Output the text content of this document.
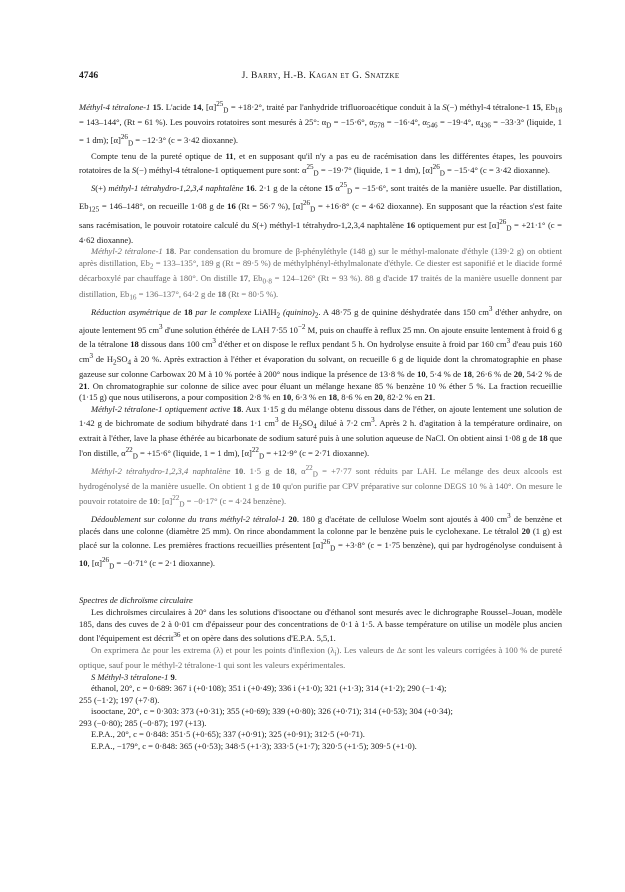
4746	J. Barry, H.-B. Kagan et G. Snatzke

Méthyl-4 tétralone-1 15. L'acide 14, $[\alpha]^{25}_D = +18\cdot 2^\circ$, traité par l'anhydride trifluoroacétique conduit à la S(−) méthyl-4 tétralone-1 15, $Eb_{18} = 143-144^\circ$, (Rt = 61 %). Les pouvoirs rotatoires sont mesurés à 25°: $\alpha_D = -15\cdot 6^\circ$, $\alpha_{578} = -16\cdot 4^\circ$, $\alpha_{546} = -19\cdot 4^\circ$, $\alpha_{436} = -33\cdot 3^\circ$ (liquide, 1 = 1 dm); $[\alpha]^{26}_D = -12\cdot 3^\circ$ (c = 3·42 dioxanne).

Compte tenu de la pureté optique de 11, et en supposant qu'il n'y a pas eu de racémisation dans les différentes étapes, les pouvoirs rotatoires de la S(−) méthyl-4 tétralone-1 optiquement pure sont: $\alpha^{25}_D = -19\cdot 7^\circ$ (liquide, 1 = 1 dm), $[\alpha]^{26}_D = -15\cdot 4^\circ$ (c = 3·42 dioxanne).

S(+) méthyl-1 tétrahydro-1,2,3,4 naphtalène 16. 2·1 g de la cétone 15 $\alpha^{25}_D = -15\cdot 6^\circ$, sont traités de la manière usuelle. Par distillation, $Eb_{125} = 146-148^\circ$, on recueille 1·08 g de 16 (Rt = 56·7 %), $[\alpha]^{26}_D = +16\cdot 8^\circ$ (c = 4·62 dioxanne). En supposant que la réaction s'est faite sans racémisation, le pouvoir rotatoire calculé du S(+) méthyl-1 tétrahydro-1,2,3,4 naphtalène 16 optiquement pur est $[\alpha]^{26}_D = +21\cdot 1^\circ$ (c = 4·62 dioxanne).

Méthyl-2 tétralone-1 18. Par condensation du bromure de β-phényléthyle (148 g) sur le méthyl-malonate d'éthyle (139·2 g) on obtient après distillation, $Eb_2 = 133-135^\circ$, 189 g (Rt = 89·5 %) de méthylphényl-éthylmalonate d'éthyle. Ce diester est saponifié et le diacide formé décarboxylé par chauffage à 180°. On distille 17, $Eb_{0\cdot 8} = 124-126^\circ$ (Rt = 93 %). 88 g d'acide 17 traités de la manière usuelle donnent par distillation, $Eb_{16} = 136-137^\circ$, 64·2 g de 18 (Rt = 80·5 %).

Réduction asymétrique de 18 par le complexe LiAlH$_2$ $(quinino)_2$. A 48·75 g de quinine déshydratée dans 150 $cm^3$ d'éther anhydre, on ajoute lentement 95 $cm^3$ d'une solution éthérée de LAH 7·55 $10^{-2}$ M, puis on chauffe à reflux 25 mn. On ajoute ensuite lentement à froid 6 g de la tétralone 18 dissous dans 100 $cm^3$ d'éther et on dispose le reflux pendant 5 h. On hydrolyse ensuite à froid par 160 $cm^3$ d'eau puis 160 $cm^3$ de $H_2SO_4$ à 20 %. Après extraction à l'éther et évaporation du solvant, on recueille 6 g de liquide dont la chromatographie en phase gazeuse sur colonne Carbowax 20 M à 10 % portée à 200° nous indique la présence de 13·8 % de 10, 5·4 % de 18, 26·6 % de 20, 54·2 % de 21. On chromatographie sur colonne de silice avec pour éluant un mélange hexane 85 % benzène 10 % éther 5 %. La fraction recueillie (1·15 g) que nous utiliserons, a pour composition 2·8 % en 10, 6·3 % en 18, 8·6 % en 20, 82·2 % en 21.

Méthyl-2 tétralone-1 optiquement active 18. Aux 1·15 g du mélange obtenu dissous dans de l'éther, on ajoute lentement une solution de 1·42 g de bichromate de sodium bihydraté dans 1·1 $cm^3$ de $H_2SO_4$ dilué à 7·2 $cm^3$. Après 2 h. d'agitation à la température ordinaire, on extrait à l'éther, lave la phase éthérée au bicarbonate de sodium saturé puis à une solution aqueuse de NaCl. On obtient ainsi 1·08 g de 18 que l'on distille, $\alpha^{22}_D = +15\cdot 6^\circ$ (liquide, 1 = 1 dm), $[\alpha]^{22}_D = +12\cdot 9^\circ$ (c = 2·71 dioxanne).

Méthyl-2 tétrahydro-1,2,3,4 naphtalène 10. 1·5 g de 18, $\alpha^{22}_D = +7\cdot 77$ sont réduits par LAH. Le mélange des deux alcools est hydrogénolysé de la manière usuelle. On obtient 1 g de 10 qu'on purifie par CPV préparative sur colonne DEGS 10 % à 140°. On mesure le pouvoir rotatoire de 10: $[\alpha]^{22}_D = -0\cdot 17^\circ$ (c = 4·24 benzène).

Dédoublement sur colonne du trans méthyl-2 tétralol-1 20. 180 g d'acétate de cellulose Woelm sont ajoutés à 400 $cm^3$ de benzène et placés dans une colonne (diamètre 25 mm). On rince abondamment la colonne par le benzène puis le cyclohexane. Le tétralol 20 (1 g) est placé sur la colonne. Les premières fractions recueillies présentent $[\alpha]^{26}_D = +3\cdot 8^\circ$ (c = 1·75 benzène), qui par hydrogénolyse conduisent à 10, $[\alpha]^{26}_D = -0\cdot 71^\circ$ (c = 2·1 dioxanne).

Spectres de dichroïsme circulaire

Les dichroïsmes circulaires à 20° dans les solutions d'isooctane ou d'éthanol sont mesurés avec le dichrographe Roussel–Jouan, modèle 185, dans des cuves de 2 à 0·01 cm d'épaisseur pour des concentrations de 0·1 à 1·5. A basse température on utilise un modèle plus ancien dont l'équipement est décrit$^{36}$ et on opère dans des solutions d'E.P.A. 5,5,1.

On exprimera Δε pour les extrema (λ) et pour les points d'inflexion $(\lambda_i)$. Les valeurs de Δε sont les valeurs corrigées à 100 % de pureté optique, sauf pour le méthyl-2 tétralone-1 qui sont les valeurs expérimentales.

S Méthyl-3 tétralone-1 9.

éthanol, 20°, c = 0·689: 367 i (+0·108); 351 i (+0·49); 336 i (+1·0); 321 (+1·3); 314 (+1·2); 290 (−1·4);

255 (−1·2); 197 (+7·8).

isooctane, 20°, c = 0·303: 373 (+0·31); 355 (+0·69); 339 (+0·80); 326 (+0·71); 314 (+0·53); 304 (+0·34);

293 (−0·80); 285 (−0·87); 197 (+13).

E.P.A., 20°, c = 0·848: 351·5 (+0·65); 337 (+0·91); 325 (+0·91); 312·5 (+0·71).

E.P.A., −179°, c = 0·848: 365 (+0·53); 348·5 (+1·3); 333·5 (+1·7); 320·5 (+1·5); 309·5 (+1·0).
